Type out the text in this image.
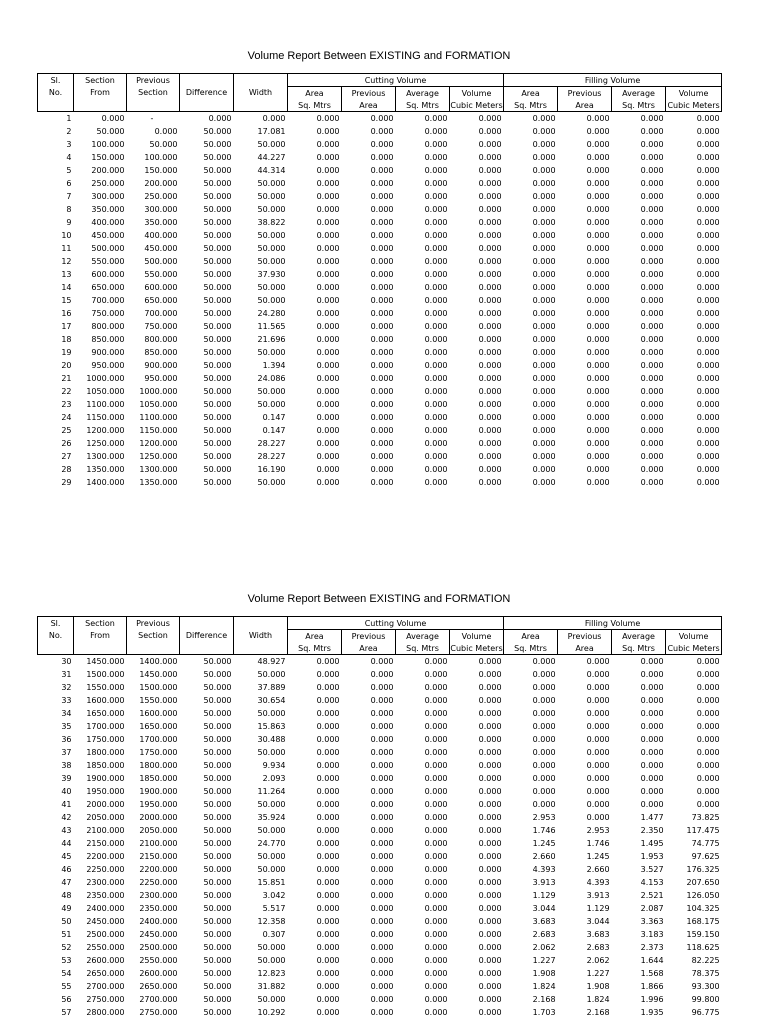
Volume Report Between EXISTING and FORMATION
Sl.	Section	Previous	Difference	Width	Cutting Volume				Filling Volume			
No.	From	Section			Area	Previous	Average	Volume	Area	Previous	Average	Volume
					Sq. Mtrs	Area	Sq. Mtrs	Cubic Meters	Sq. Mtrs	Area	Sq. Mtrs	Cubic Meters
1	0.000	-	0.000	0.000	0.000	0.000	0.000	0.000	0.000	0.000	0.000	0.000
2	50.000	0.000	50.000	17.081	0.000	0.000	0.000	0.000	0.000	0.000	0.000	0.000
3	100.000	50.000	50.000	50.000	0.000	0.000	0.000	0.000	0.000	0.000	0.000	0.000
4	150.000	100.000	50.000	44.227	0.000	0.000	0.000	0.000	0.000	0.000	0.000	0.000
5	200.000	150.000	50.000	44.314	0.000	0.000	0.000	0.000	0.000	0.000	0.000	0.000
6	250.000	200.000	50.000	50.000	0.000	0.000	0.000	0.000	0.000	0.000	0.000	0.000
7	300.000	250.000	50.000	50.000	0.000	0.000	0.000	0.000	0.000	0.000	0.000	0.000
8	350.000	300.000	50.000	50.000	0.000	0.000	0.000	0.000	0.000	0.000	0.000	0.000
9	400.000	350.000	50.000	38.822	0.000	0.000	0.000	0.000	0.000	0.000	0.000	0.000
10	450.000	400.000	50.000	50.000	0.000	0.000	0.000	0.000	0.000	0.000	0.000	0.000
11	500.000	450.000	50.000	50.000	0.000	0.000	0.000	0.000	0.000	0.000	0.000	0.000
12	550.000	500.000	50.000	50.000	0.000	0.000	0.000	0.000	0.000	0.000	0.000	0.000
13	600.000	550.000	50.000	37.930	0.000	0.000	0.000	0.000	0.000	0.000	0.000	0.000
14	650.000	600.000	50.000	50.000	0.000	0.000	0.000	0.000	0.000	0.000	0.000	0.000
15	700.000	650.000	50.000	50.000	0.000	0.000	0.000	0.000	0.000	0.000	0.000	0.000
16	750.000	700.000	50.000	24.280	0.000	0.000	0.000	0.000	0.000	0.000	0.000	0.000
17	800.000	750.000	50.000	11.565	0.000	0.000	0.000	0.000	0.000	0.000	0.000	0.000
18	850.000	800.000	50.000	21.696	0.000	0.000	0.000	0.000	0.000	0.000	0.000	0.000
19	900.000	850.000	50.000	50.000	0.000	0.000	0.000	0.000	0.000	0.000	0.000	0.000
20	950.000	900.000	50.000	1.394	0.000	0.000	0.000	0.000	0.000	0.000	0.000	0.000
21	1000.000	950.000	50.000	24.086	0.000	0.000	0.000	0.000	0.000	0.000	0.000	0.000
22	1050.000	1000.000	50.000	50.000	0.000	0.000	0.000	0.000	0.000	0.000	0.000	0.000
23	1100.000	1050.000	50.000	50.000	0.000	0.000	0.000	0.000	0.000	0.000	0.000	0.000
24	1150.000	1100.000	50.000	0.147	0.000	0.000	0.000	0.000	0.000	0.000	0.000	0.000
25	1200.000	1150.000	50.000	0.147	0.000	0.000	0.000	0.000	0.000	0.000	0.000	0.000
26	1250.000	1200.000	50.000	28.227	0.000	0.000	0.000	0.000	0.000	0.000	0.000	0.000
27	1300.000	1250.000	50.000	28.227	0.000	0.000	0.000	0.000	0.000	0.000	0.000	0.000
28	1350.000	1300.000	50.000	16.190	0.000	0.000	0.000	0.000	0.000	0.000	0.000	0.000
29	1400.000	1350.000	50.000	50.000	0.000	0.000	0.000	0.000	0.000	0.000	0.000	0.000
Volume Report Between EXISTING and FORMATION
Sl.	Section	Previous	Difference	Width	Cutting Volume				Filling Volume			
No.	From	Section			Area	Previous	Average	Volume	Area	Previous	Average	Volume
					Sq. Mtrs	Area	Sq. Mtrs	Cubic Meters	Sq. Mtrs	Area	Sq. Mtrs	Cubic Meters
30	1450.000	1400.000	50.000	48.927	0.000	0.000	0.000	0.000	0.000	0.000	0.000	0.000
31	1500.000	1450.000	50.000	50.000	0.000	0.000	0.000	0.000	0.000	0.000	0.000	0.000
32	1550.000	1500.000	50.000	37.889	0.000	0.000	0.000	0.000	0.000	0.000	0.000	0.000
33	1600.000	1550.000	50.000	30.654	0.000	0.000	0.000	0.000	0.000	0.000	0.000	0.000
34	1650.000	1600.000	50.000	50.000	0.000	0.000	0.000	0.000	0.000	0.000	0.000	0.000
35	1700.000	1650.000	50.000	15.863	0.000	0.000	0.000	0.000	0.000	0.000	0.000	0.000
36	1750.000	1700.000	50.000	30.488	0.000	0.000	0.000	0.000	0.000	0.000	0.000	0.000
37	1800.000	1750.000	50.000	50.000	0.000	0.000	0.000	0.000	0.000	0.000	0.000	0.000
38	1850.000	1800.000	50.000	9.934	0.000	0.000	0.000	0.000	0.000	0.000	0.000	0.000
39	1900.000	1850.000	50.000	2.093	0.000	0.000	0.000	0.000	0.000	0.000	0.000	0.000
40	1950.000	1900.000	50.000	11.264	0.000	0.000	0.000	0.000	0.000	0.000	0.000	0.000
41	2000.000	1950.000	50.000	50.000	0.000	0.000	0.000	0.000	0.000	0.000	0.000	0.000
42	2050.000	2000.000	50.000	35.924	0.000	0.000	0.000	0.000	2.953	0.000	1.477	73.825
43	2100.000	2050.000	50.000	50.000	0.000	0.000	0.000	0.000	1.746	2.953	2.350	117.475
44	2150.000	2100.000	50.000	24.770	0.000	0.000	0.000	0.000	1.245	1.746	1.495	74.775
45	2200.000	2150.000	50.000	50.000	0.000	0.000	0.000	0.000	2.660	1.245	1.953	97.625
46	2250.000	2200.000	50.000	50.000	0.000	0.000	0.000	0.000	4.393	2.660	3.527	176.325
47	2300.000	2250.000	50.000	15.851	0.000	0.000	0.000	0.000	3.913	4.393	4.153	207.650
48	2350.000	2300.000	50.000	3.042	0.000	0.000	0.000	0.000	1.129	3.913	2.521	126.050
49	2400.000	2350.000	50.000	5.517	0.000	0.000	0.000	0.000	3.044	1.129	2.087	104.325
50	2450.000	2400.000	50.000	12.358	0.000	0.000	0.000	0.000	3.683	3.044	3.363	168.175
51	2500.000	2450.000	50.000	0.307	0.000	0.000	0.000	0.000	2.683	3.683	3.183	159.150
52	2550.000	2500.000	50.000	50.000	0.000	0.000	0.000	0.000	2.062	2.683	2.373	118.625
53	2600.000	2550.000	50.000	50.000	0.000	0.000	0.000	0.000	1.227	2.062	1.644	82.225
54	2650.000	2600.000	50.000	12.823	0.000	0.000	0.000	0.000	1.908	1.227	1.568	78.375
55	2700.000	2650.000	50.000	31.882	0.000	0.000	0.000	0.000	1.824	1.908	1.866	93.300
56	2750.000	2700.000	50.000	50.000	0.000	0.000	0.000	0.000	2.168	1.824	1.996	99.800
57	2800.000	2750.000	50.000	10.292	0.000	0.000	0.000	0.000	1.703	2.168	1.935	96.775
